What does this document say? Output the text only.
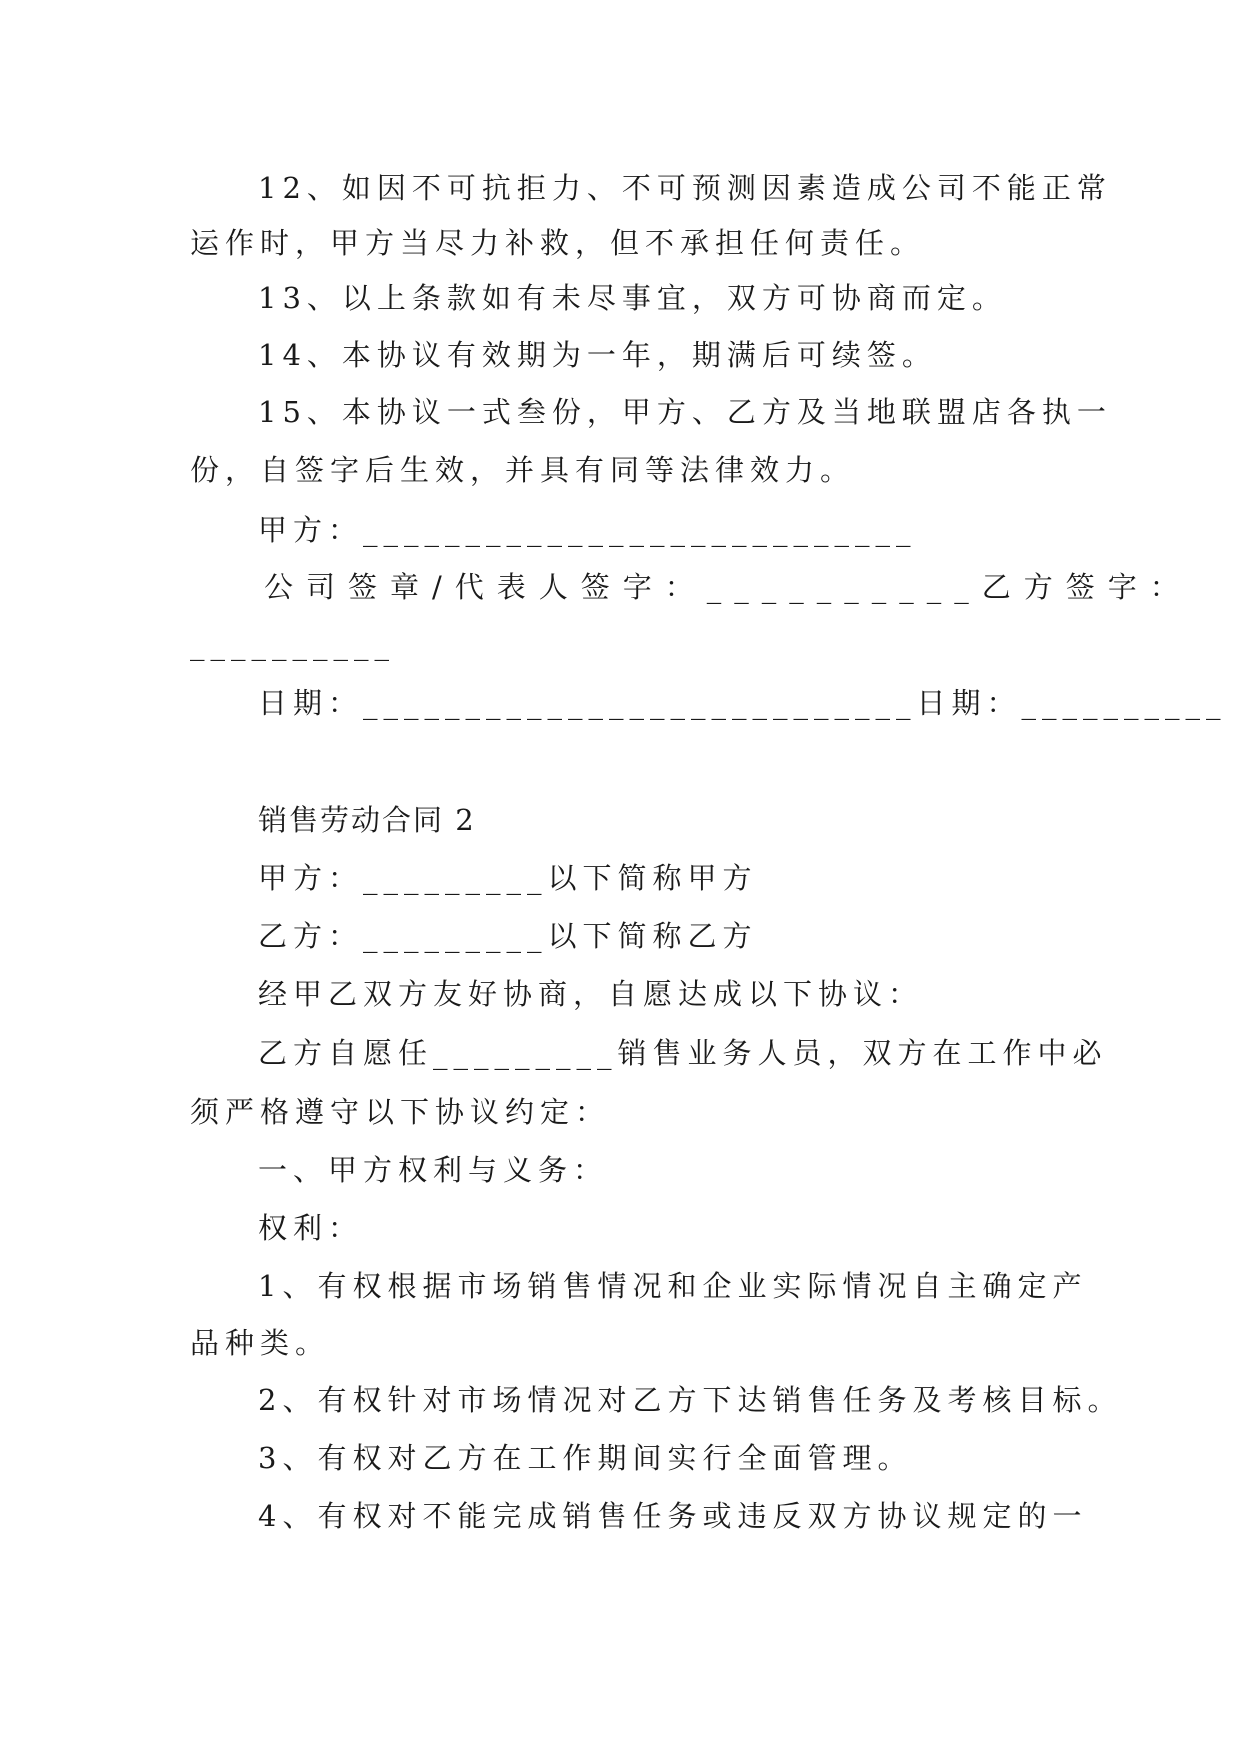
12、如因不可抗拒力、不可预测因素造成公司不能正常

运作时，甲方当尽力补救，但不承担任何责任。

13、以上条款如有未尽事宜，双方可协商而定。

14、本协议有效期为一年，期满后可续签。

15、本协议一式叁份，甲方、乙方及当地联盟店各执一

份，自签字后生效，并具有同等法律效力。

甲方：___________________________

公司签章/代表人签字：__________乙方签字：

__________

日期：___________________________日期：__________

销售劳动合同 2

甲方：_________以下简称甲方

乙方：_________以下简称乙方

经甲乙双方友好协商，自愿达成以下协议：

乙方自愿任_________销售业务人员，双方在工作中必

须严格遵守以下协议约定：

一、甲方权利与义务：

权利：

1、有权根据市场销售情况和企业实际情况自主确定产

品种类。

2、有权针对市场情况对乙方下达销售任务及考核目标。

3、有权对乙方在工作期间实行全面管理。

4、有权对不能完成销售任务或违反双方协议规定的一
